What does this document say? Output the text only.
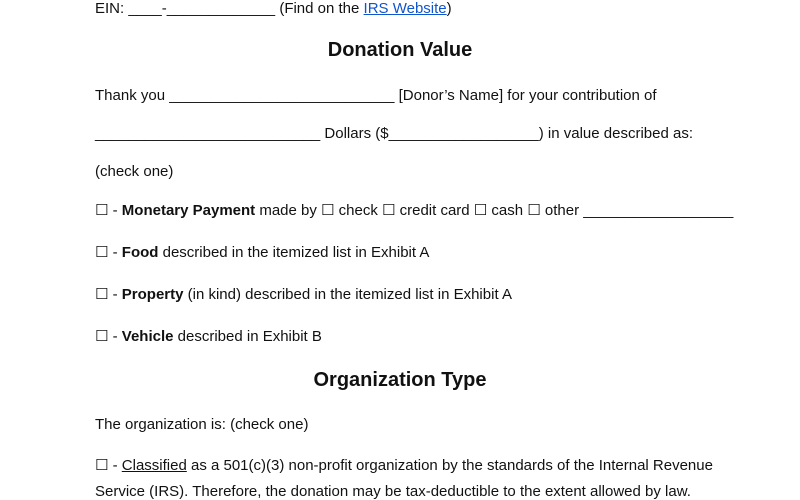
EIN: ____-_____________ (Find on the IRS Website)
Donation Value
Thank you ___________________________ [Donor’s Name] for your contribution of
___________________________ Dollars ($__________________) in value described as:
(check one)
☐ - Monetary Payment made by ☐ check ☐ credit card ☐ cash ☐ other __________________
☐ - Food described in the itemized list in Exhibit A
☐ - Property (in kind) described in the itemized list in Exhibit A
☐ - Vehicle described in Exhibit B
Organization Type
The organization is: (check one)
☐ - Classified as a 501(c)(3) non-profit organization by the standards of the Internal Revenue
Service (IRS). Therefore, the donation may be tax-deductible to the extent allowed by law.
